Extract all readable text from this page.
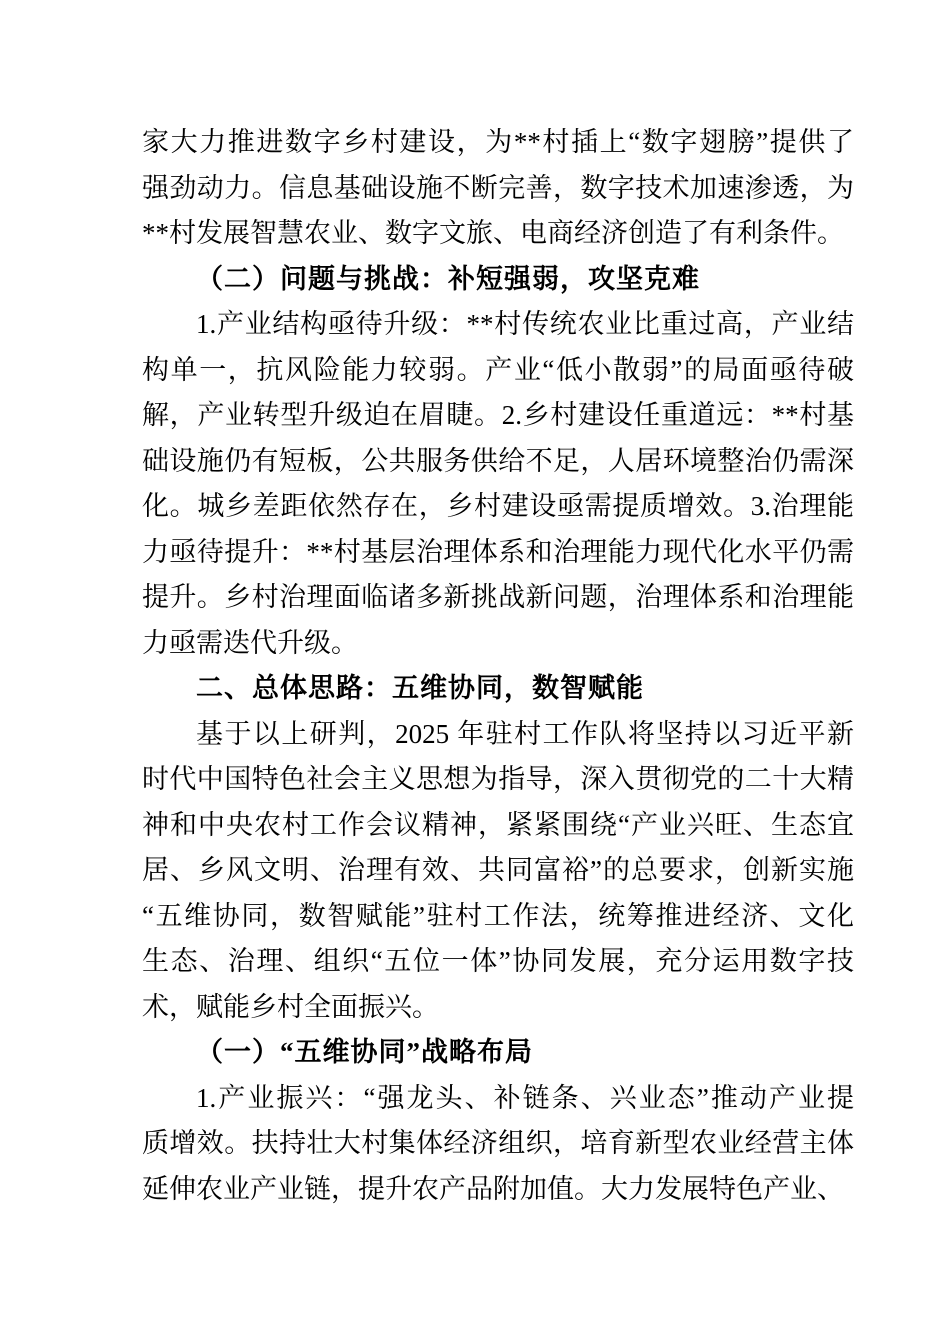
家大力推进数字乡村建设，为**村插上“数字翅膀”提供了
强劲动力。信息基础设施不断完善，数字技术加速渗透，为
**村发展智慧农业、数字文旅、电商经济创造了有利条件。
（二）问题与挑战：补短强弱，攻坚克难
1.产业结构亟待升级：**村传统农业比重过高，产业结
构单一，抗风险能力较弱。产业“低小散弱”的局面亟待破
解，产业转型升级迫在眉睫。2.乡村建设任重道远：**村基
础设施仍有短板，公共服务供给不足，人居环境整治仍需深
化。城乡差距依然存在，乡村建设亟需提质增效。3.治理能
力亟待提升：**村基层治理体系和治理能力现代化水平仍需
提升。乡村治理面临诸多新挑战新问题，治理体系和治理能
力亟需迭代升级。
二、总体思路：五维协同，数智赋能
基于以上研判，2025 年驻村工作队将坚持以习近平新
时代中国特色社会主义思想为指导，深入贯彻党的二十大精
神和中央农村工作会议精神，紧紧围绕“产业兴旺、生态宜
居、乡风文明、治理有效、共同富裕”的总要求，创新实施
“五维协同，数智赋能”驻村工作法，统筹推进经济、文化
生态、治理、组织“五位一体”协同发展，充分运用数字技
术，赋能乡村全面振兴。
（一）“五维协同”战略布局
1.产业振兴：“强龙头、补链条、兴业态”推动产业提
质增效。扶持壮大村集体经济组织，培育新型农业经营主体
延伸农业产业链，提升农产品附加值。大力发展特色产业、
